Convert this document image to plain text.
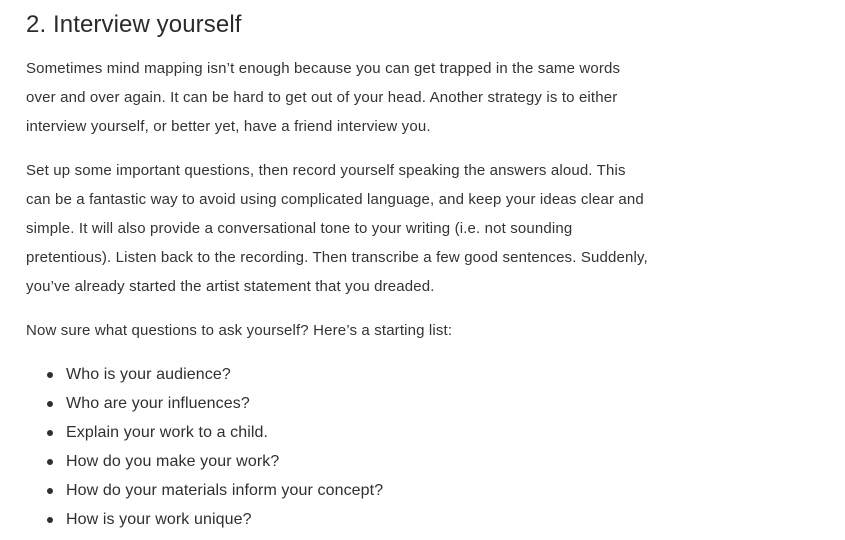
2. Interview yourself

Sometimes mind mapping isn’t enough because you can get trapped in the same words
over and over again. It can be hard to get out of your head. Another strategy is to either
interview yourself, or better yet, have a friend interview you.

Set up some important questions, then record yourself speaking the answers aloud. This
can be a fantastic way to avoid using complicated language, and keep your ideas clear and
simple. It will also provide a conversational tone to your writing (i.e. not sounding
pretentious). Listen back to the recording. Then transcribe a few good sentences. Suddenly,
you’ve already started the artist statement that you dreaded.

Now sure what questions to ask yourself? Here’s a starting list:

Who is your audience?
Who are your influences?
Explain your work to a child.
How do you make your work?
How do your materials inform your concept?
How is your work unique?
